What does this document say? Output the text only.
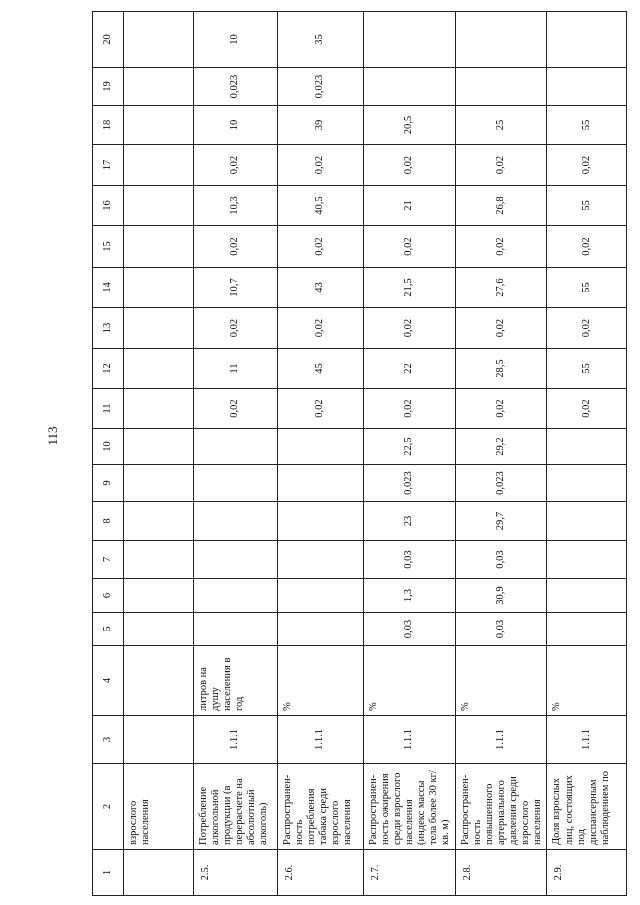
113
1	2	3	4	5	6	7	8	9	10	11	12	13	14	15	16	17	18	19	20
	взрослого населения																		
2.5.	Потребление алкогольной продукции (в перерасчете на абсолютный алкоголь)	1.1.1	литров на душу населения в год							0,02	11	0,02	10,7	0,02	10,3	0,02	10	0,023	10
2.6.	Распространен-ность потребления табака среди взрослого населения	1.1.1	%							0,02	45	0,02	43	0,02	40,5	0,02	39	0,023	35
2.7.	Распространен-ность ожирения среди взрослого населения (индекс массы тела более 30 кг/кв. м)	1.1.1	%	0,03	1,3	0,03	23	0,023	22,5	0,02	22	0,02	21,5	0,02	21	0,02	20,5		
2.8.	Распространен-ность повышенного артериального давления среди взрослого населения	1.1.1	%	0,03	30,9	0,03	29,7	0,023	29,2	0,02	28,5	0,02	27,6	0,02	26,8	0,02	25		
2.9.	Доля взрослых лиц, состоящих под диспансерным наблюдением по	1.1.1	%							0,02	55	0,02	55	0,02	55	0,02	55		
